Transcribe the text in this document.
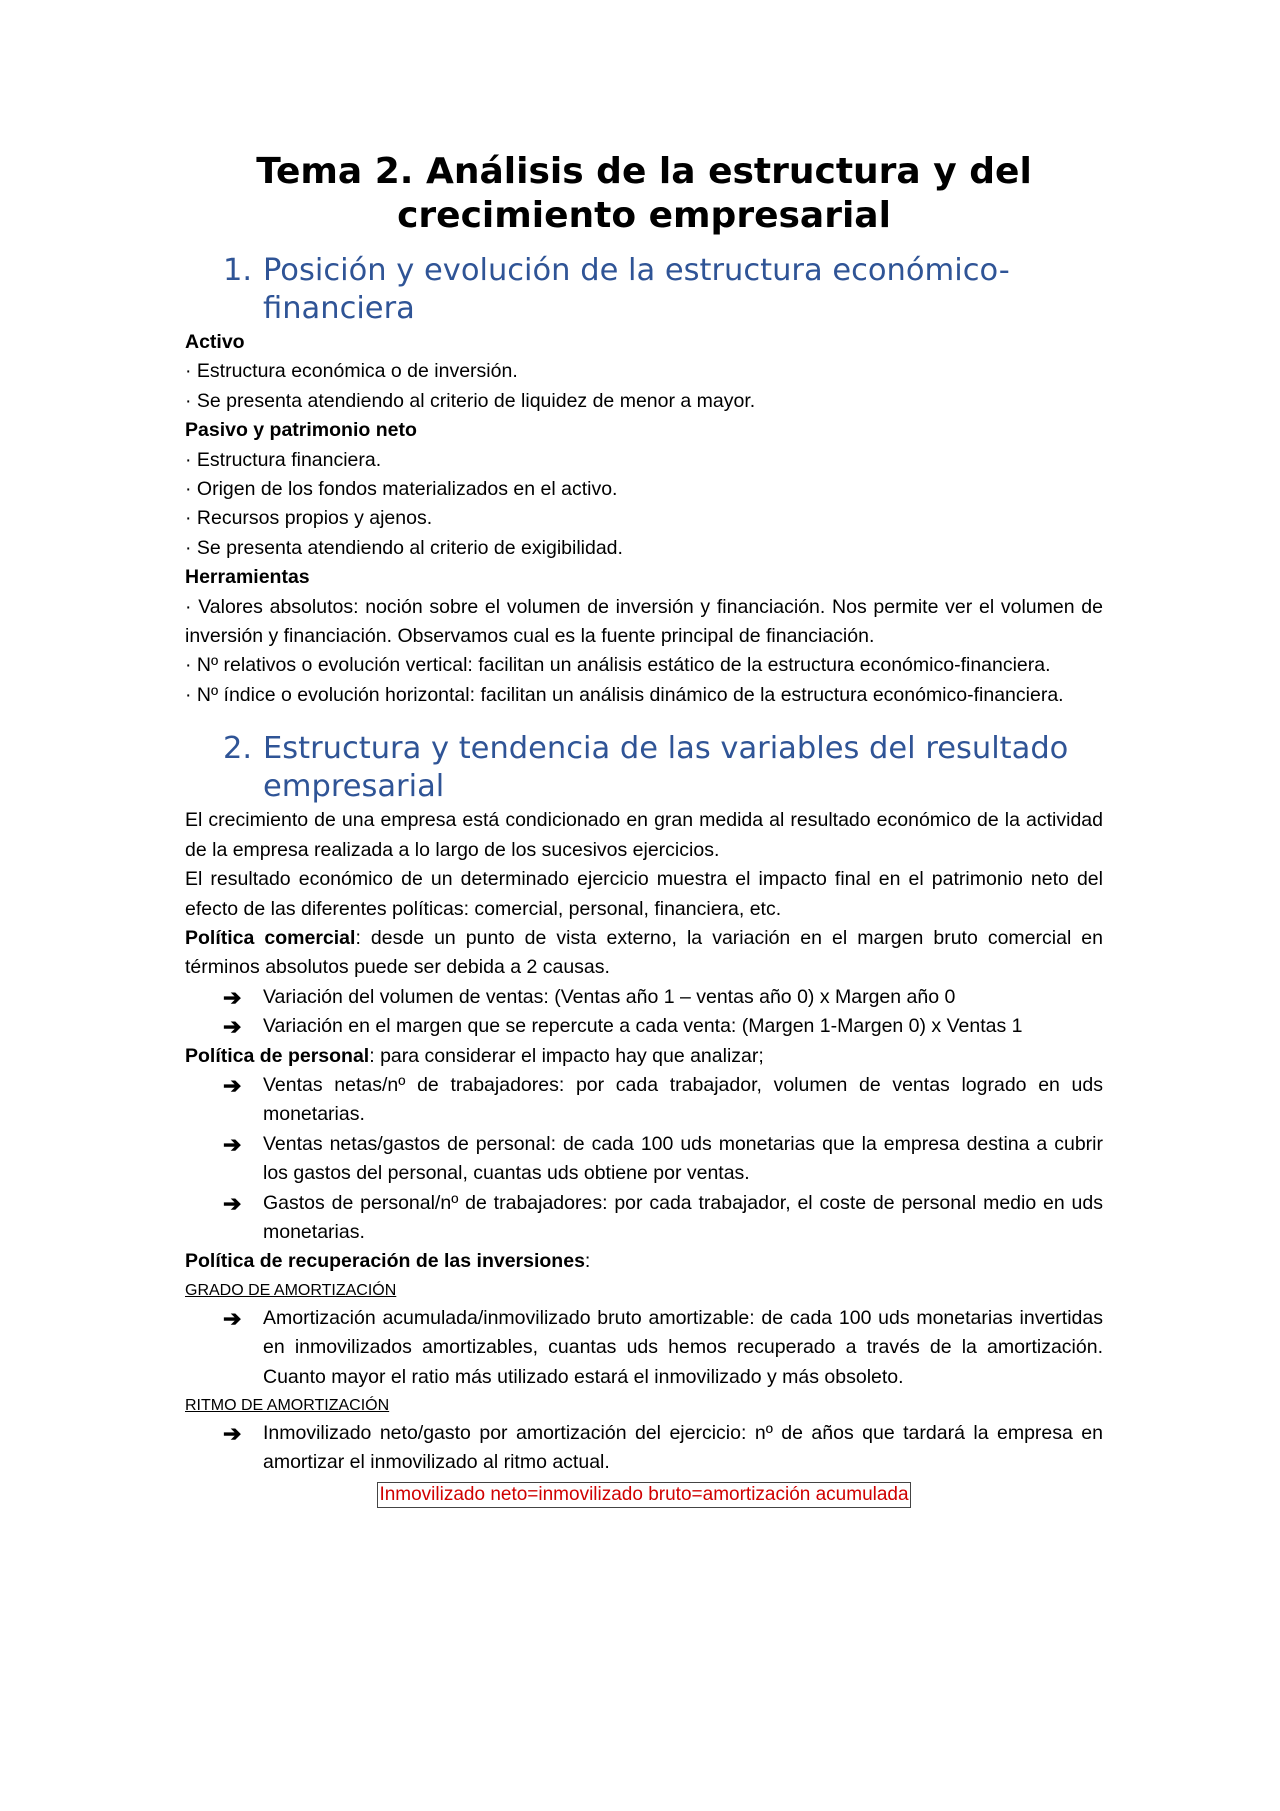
Tema 2. Análisis de la estructura y del crecimiento empresarial
1. Posición y evolución de la estructura económico-financiera

Activo

· Estructura económica o de inversión.

· Se presenta atendiendo al criterio de liquidez de menor a mayor.

Pasivo y patrimonio neto

· Estructura financiera.

· Origen de los fondos materializados en el activo.

· Recursos propios y ajenos.

· Se presenta atendiendo al criterio de exigibilidad.

Herramientas

· Valores absolutos: noción sobre el volumen de inversión y financiación. Nos permite ver el volumen de inversión y financiación. Observamos cual es la fuente principal de financiación.

· Nº relativos o evolución vertical: facilitan un análisis estático de la estructura económico-financiera.

· Nº índice o evolución horizontal: facilitan un análisis dinámico de la estructura económico-financiera.

2. Estructura y tendencia de las variables del resultado empresarial

El crecimiento de una empresa está condicionado en gran medida al resultado económico de la actividad de la empresa realizada a lo largo de los sucesivos ejercicios.

El resultado económico de un determinado ejercicio muestra el impacto final en el patrimonio neto del efecto de las diferentes políticas: comercial, personal, financiera, etc.

Política comercial: desde un punto de vista externo, la variación en el margen bruto comercial en términos absolutos puede ser debida a 2 causas.

➔	Variación del volumen de ventas: (Ventas año 1 – ventas año 0) x Margen año 0
➔	Variación en el margen que se repercute a cada venta: (Margen 1-Margen 0) x Ventas 1

Política de personal: para considerar el impacto hay que analizar;

➔	Ventas netas/nº de trabajadores: por cada trabajador, volumen de ventas logrado en uds monetarias.
➔	Ventas netas/gastos de personal: de cada 100 uds monetarias que la empresa destina a cubrir los gastos del personal, cuantas uds obtiene por ventas.
➔	Gastos de personal/nº de trabajadores: por cada trabajador, el coste de personal medio en uds monetarias.

Política de recuperación de las inversiones:

GRADO DE AMORTIZACIÓN

➔	Amortización acumulada/inmovilizado bruto amortizable: de cada 100 uds monetarias invertidas en inmovilizados amortizables, cuantas uds hemos recuperado a través de la amortización. Cuanto mayor el ratio más utilizado estará el inmovilizado y más obsoleto.

RITMO DE AMORTIZACIÓN

➔	Inmovilizado neto/gasto por amortización del ejercicio: nº de años que tardará la empresa en amortizar el inmovilizado al ritmo actual.
Inmovilizado neto=inmovilizado bruto=amortización acumulada
